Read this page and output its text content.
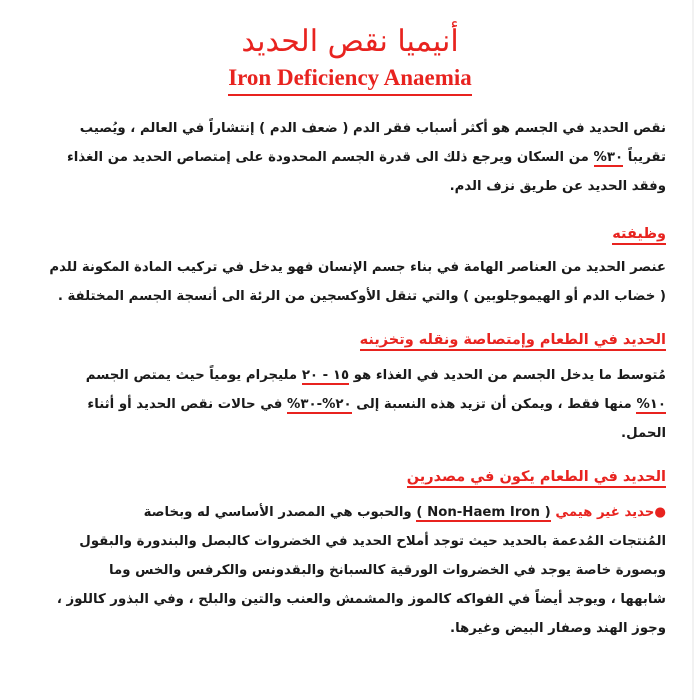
أنيميا نقص الحديد
Iron Deficiency Anaemia
نقص الحديد في الجسم هو أكثر أسباب فقر الدم ( ضعف الدم ) إنتشاراً في العالم ، ويُصيب
تقريباً ٣٠% من السكان ويرجع ذلك الى قدرة الجسم المحدودة على إمتصاص الحديد من الغذاء
وفقد الحديد عن طريق نزف الدم.
وظيفته
عنصر الحديد من العناصر الهامة في بناء جسم الإنسان فهو يدخل في تركيب المادة المكونة للدم
( خضاب الدم أو الهيموجلوبين ) والتي تنقل الأوكسجين من الرئة الى أنسجة الجسم المختلفة .
الحديد في الطعام وإمتصاصة ونقله وتخزينه
مُتوسط ما يدخل الجسم من الحديد في الغذاء هو ١٥ - ٢٠ مليجرام يومياً حيث يمتص الجسم
١٠% منها فقط ، ويمكن أن تزيد هذه النسبة إلى ٢٠%-٣٠% في حالات نقص الحديد أو أثناء
الحمل.
الحديد في الطعام يكون في مصدرين
●حديد غير هيمي ( Non-Haem Iron ) والحبوب هي المصدر الأساسي له وبخاصة
المُنتجات المُدعمة بالحديد حيث توجد أملاح الحديد في الخضروات كالبصل والبندورة والبقول
وبصورة خاصة يوجد في الخضروات الورقية كالسبانخ والبقدونس والكرفس والخس وما
شابهها ، ويوجد أيضاً في الفواكه كالموز والمشمش والعنب والتين والبلح ، وفي البذور كاللوز ،
وجوز الهند وصفار البيض وغيرها.
